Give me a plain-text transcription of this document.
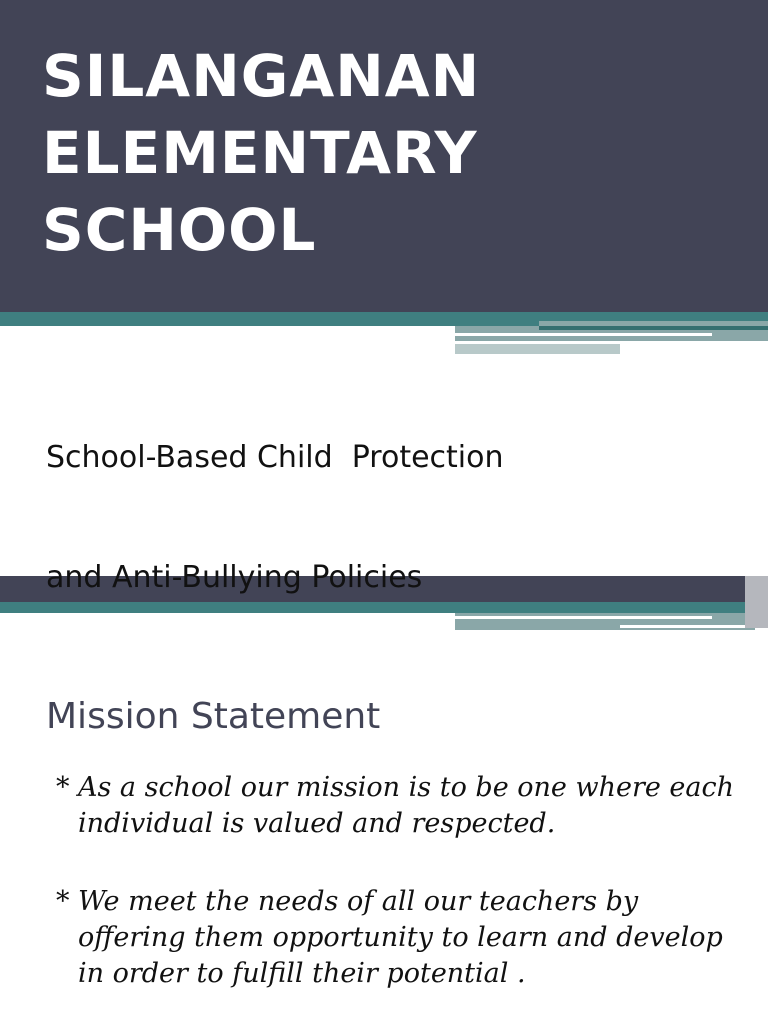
SILANGANAN
ELEMENTARY
SCHOOL

School-Based Child  Protection

and Anti-Bullying Policies

Mission Statement
* As a school our mission is to be one where each individual is valued and respected.
* We meet the needs of all our teachers by offering them opportunity to learn and develop in order to fulfill their potential .
